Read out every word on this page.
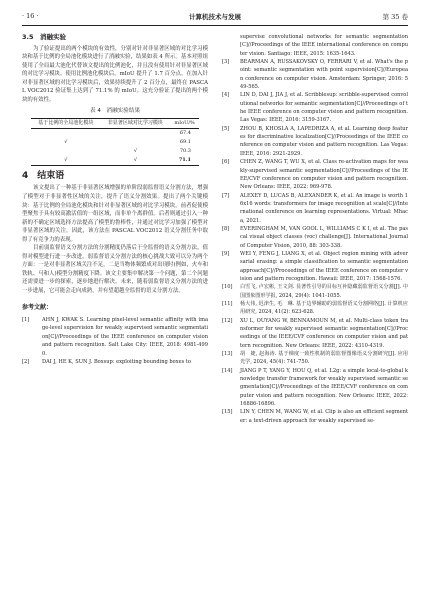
· 16 ·	计算机技术与发展	第 35 卷
3.5　消融实验

为了验证提出的两个模块的有效性，分别对针对非显著区域的对比学习模块和基于比例的全局池化模块进行了消融实验，结果如表 4 所示。基本对照组使用了全局最大池化代替该文提出的比例池化，并且没有使用针对非显著区域的对比学习模块。使用比例池化模块后，mIoU 提升了 1.7 百分点。在加入针对非显著区域的对比学习模块后，效果持续提升了 2 百分点，最终在 PASCAL VOC2012 验证集上达到了 71.1% 的 mIoU。这充分验证了提出的两个模块的有效性。

表 4　消融实验结果
基于比例的全局池化模块	非显著区域对比学习模块	mIoU/%
		67.4
√		69.1
	√	70.3
√	√	71.1
4　结束语

该文提出了一种基于非显著区域增强的单阶段弱监督语义分割方法，增强了模型对于非显著性区域的关注，提升了语义分割效果。提出了两个关键模块：基于比例的全局池化模块和针对非显著区域的对比学习模块。前者促使模型聚焦于具有较高激活值的一组区域，而非单个离群值。后者则通过引入一种新的不确定区域选择方法提高了模型的鲁棒性，并通过对比学习加强了模型对非显著区域的关注。因此，该方法在 PASCAL VOC2012 语义分割任务中取得了有竞争力的表现。

目前弱监督语义分割方法的分割精度仍落后于全监督的语义分割方法，值得对模型进行进一步改进。弱监督语义分割方法的核心挑战大致可以分为两个方面：一是对非显著区域关注不足，二是当物体频繁成对出现时(例如，火车和铁轨、马和人)模型分割精度下降。该文主要集中解决第一个问题，第二个问题还需要进一步的探索，逐步地进行解决。未来，随着弱监督语义分割方法的进一步进展，它可能会走向成熟，并有望超越全监督的语义分割方法。

参考文献：
[1]	AHN J, KWAK S. Learning pixel-level semantic affinity with image-level supervision for weakly supervised semantic segmentation[C]//Proceedings of the IEEE conference on computer vision and pattern recognition. Salt Lake City: IEEE, 2018: 4981-4990.
[2]	DAI J, HE K, SUN J. Boxsup: exploiting bounding boxes to
supervise convolutional networks for semantic segmentation[C]//Proceedings of the IEEE international conference on computer vision. Santiago: IEEE, 2015: 1635-1643.
[3] BEARMAN A, RUSSAKOVSKY O, FERRARI V, et al. What's the point: semantic segmentation with point supervision[C]//European conference on computer vision. Amsterdam: Springer, 2016: 549-565.
[4] LIN D, DAI J, JIA J, et al. Scribblesup: scribble-supervised convolutional networks for semantic segmentation[C]//Proceedings of the IEEE conference on computer vision and pattern recognition. Las Vegas: IEEE, 2016: 3159-3167.
[5] ZHOU B, KHOSLA A, LAPEDRIZA A, et al. Learning deep features for discriminative localization[C]//Proceedings of the IEEE conference on computer vision and pattern recognition. Las Vegas: IEEE, 2016: 2921-2929.
[6] CHEN Z, WANG T, WU X, et al. Class re-activation maps for weakly-supervised semantic segmentation[C]//Proceedings of the IEEE/CVF conference on computer vision and pattern recognition. New Orleans: IEEE, 2022: 969-978.
[7] ALEXEY D, LUCAS B, ALEXANDER K, et al. An image is worth 16x16 words: transformers for image recognition at scale[C]//International conference on learning representations. Virtual: Mhaca, 2021.
[8] EVERINGHAM M, VAN GOOL L, WILLIAMS C K I, et al. The pascal visual object classes (voc) challenge[J]. International Journal of Computer Vision, 2010, 88: 303-338.
[9] WEI Y, FENG J, LIANG X, et al. Object region mining with adversarial erasing: a simple classification to semantic segmentation approach[C]//Proceedings of the IEEE conference on computer vision and pattern recognition. Hawaii: IEEE, 2017: 1568-1576.
[10] 白雪飞, 卢宏彬, 王文剑. 显著性引导的目标互补隐藏弱监督语义分割[J]. 中国图象图形学报, 2024, 29(4): 1041-1055.
[11] 杨大伟, 迟津生, 毛　琳. 基于边界辅助的弱监督语义分割网络[J]. 计算机应用研究, 2024, 41(2): 623-628.
[12] XU L, OUYANG W, BENNAMOUN M, et al. Multi-class token transformer for weakly supervised semantic segmentation[C]//Proceedings of the IEEE/CVF conference on computer vision and pattern recognition. New Orleans: IEEE, 2022: 4310-4319.
[13] 胡　婕, 赵海涛. 基于梯度一致性机制的弱监督图像语义分割研究[J]. 应用光学, 2024, 45(4): 741-750.
[14] JIANG P T, YANG Y, HOU Q, et al. L2g: a simple local-to-global knowledge transfer framework for weakly supervised semantic segmentation[C]//Proceedings of the IEEE/CVF conference on computer vision and pattern recognition. New Orleans: IEEE, 2022: 16886-16896.
[15] LIN Y, CHEN M, WANG W, et al. Clip is also an efficient segmenter: a text-driven approach for weakly supervised se-
